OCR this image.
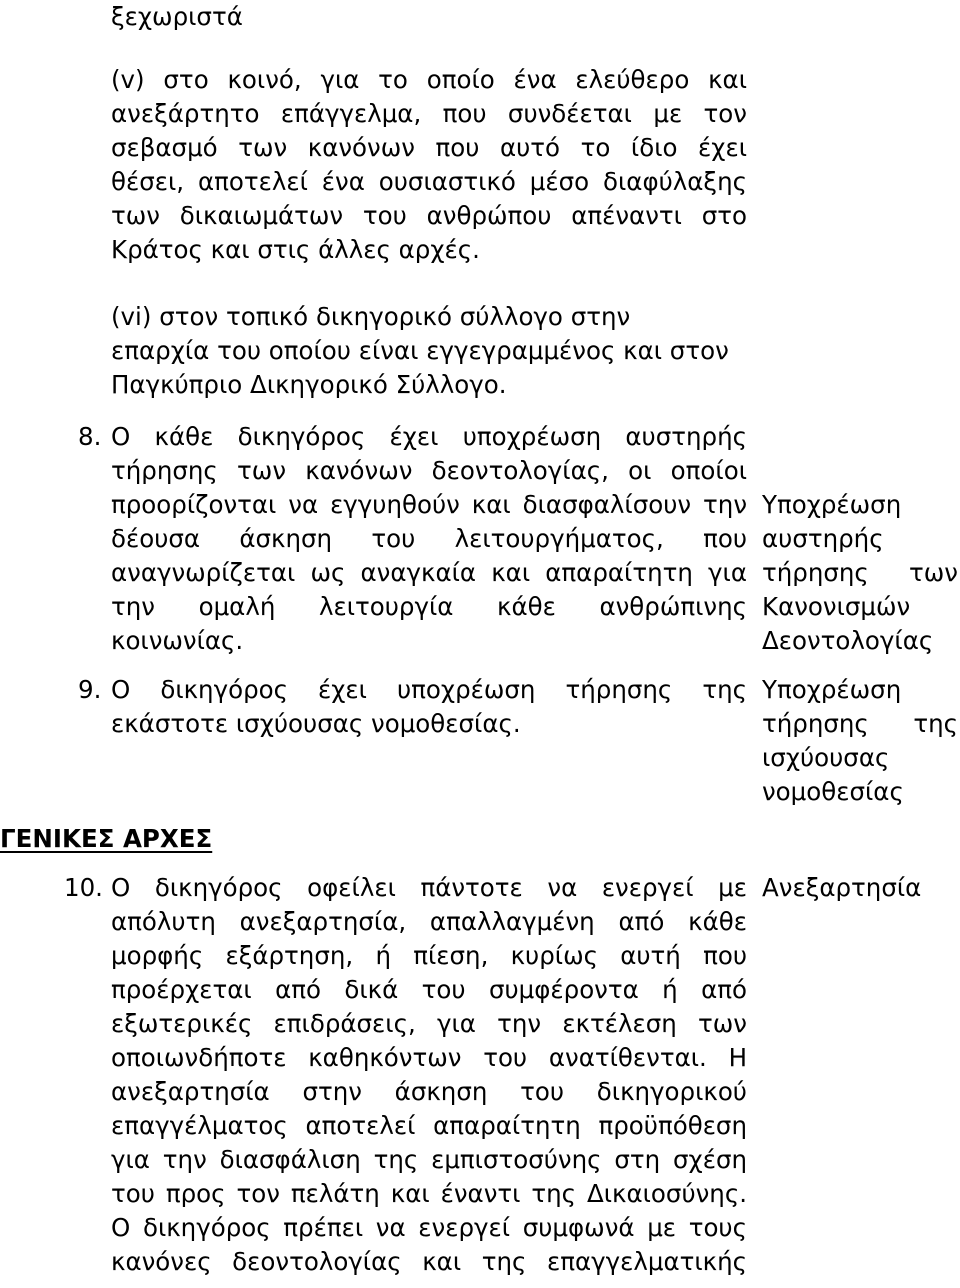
ξεχωριστά
(v) στο κοινό, για το οποίο ένα ελεύθερο και
ανεξάρτητο επάγγελμα, που συνδέεται με τον
σεβασμό των κανόνων που αυτό το ίδιο έχει
θέσει, αποτελεί ένα ουσιαστικό μέσο διαφύλαξης
των δικαιωμάτων του ανθρώπου απέναντι στο
Κράτος και στις άλλες αρχές.
(vi) στον τοπικό δικηγορικό σύλλογο στην
επαρχία του οποίου είναι εγγεγραμμένος και στον
Παγκύπριο Δικηγορικό Σύλλογο.
8. Ο κάθε δικηγόρος έχει υποχρέωση αυστηρής
τήρησης των κανόνων δεοντολογίας, οι οποίοι
προορίζονται να εγγυηθούν και διασφαλίσουν την
δέουσα άσκηση του λειτουργήματος, που
αναγνωρίζεται ως αναγκαία και απαραίτητη για
την ομαλή λειτουργία κάθε ανθρώπινης
κοινωνίας.
Υποχρέωση
αυστηρής
τήρησης των
Κανονισμών
Δεοντολογίας
9. Ο δικηγόρος έχει υποχρέωση τήρησης της
εκάστοτε ισχύουσας νομοθεσίας.
Υποχρέωση
τήρησης της
ισχύουσας
νομοθεσίας
ΓΕΝΙΚΕΣ ΑΡΧΕΣ
10. Ο δικηγόρος οφείλει πάντοτε να ενεργεί με
απόλυτη ανεξαρτησία, απαλλαγμένη από κάθε
μορφής εξάρτηση, ή πίεση, κυρίως αυτή που
προέρχεται από δικά του συμφέροντα ή από
εξωτερικές επιδράσεις, για την εκτέλεση των
οποιωνδήποτε καθηκόντων του ανατίθενται. Η
ανεξαρτησία στην άσκηση του δικηγορικού
επαγγέλματος αποτελεί απαραίτητη προϋπόθεση
για την διασφάλιση της εμπιστοσύνης στη σχέση
του προς τον πελάτη και έναντι της Δικαιοσύνης.
Ο δικηγόρος πρέπει να ενεργεί συμφωνά με τους
κανόνες δεοντολογίας και της επαγγελματικής
Ανεξαρτησία
